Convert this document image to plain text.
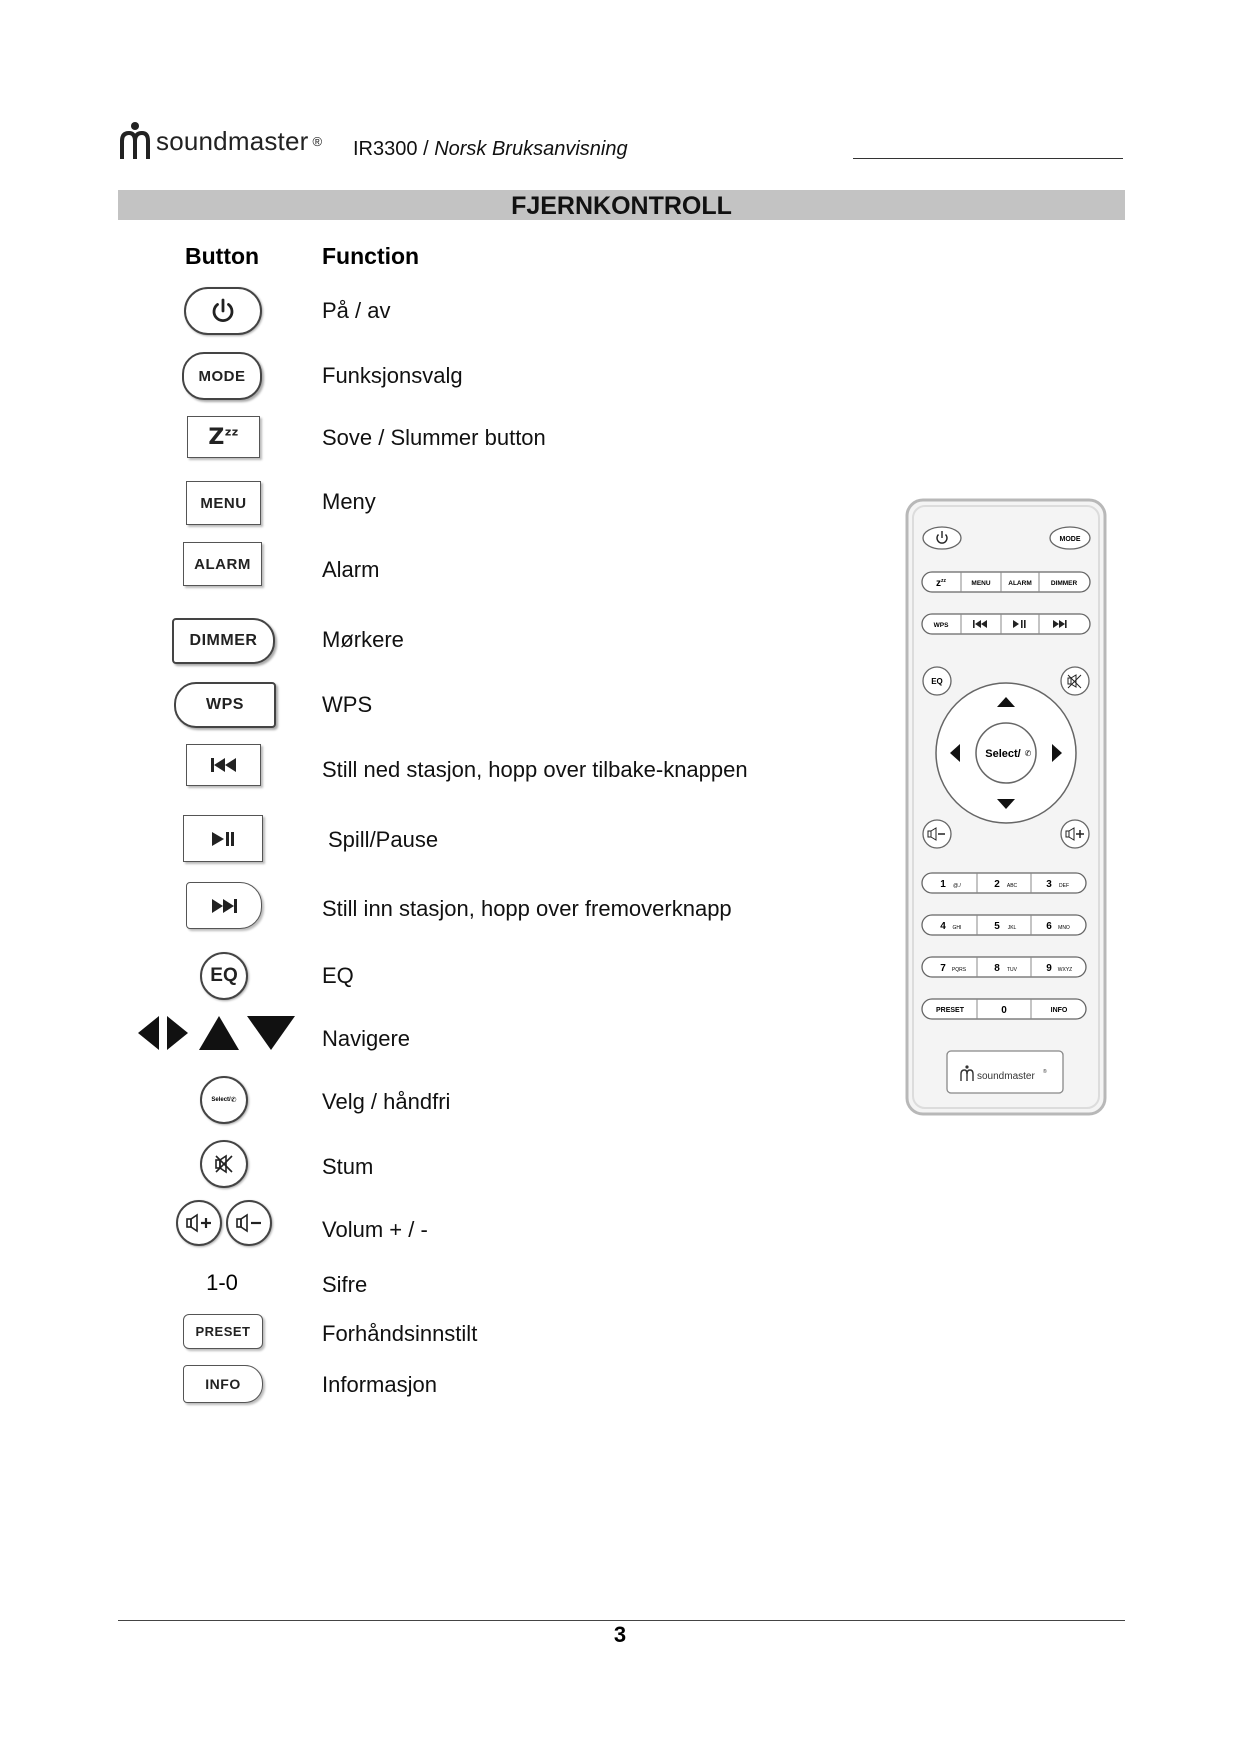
soundmaster ® IR3300 / Norsk Bruksanvisning
FJERNKONTROLL
Button	Function
På / av
MODE	Funksjonsvalg
$Z^{zz}$	Sove / Slummer button
MENU	Meny
ALARM	Alarm
DIMMER	Mørkere
WPS	WPS
Still ned stasjon, hopp over tilbake-knappen
Spill/Pause
Still inn stasjon, hopp over fremoverknapp
EQ	EQ
Navigere
Select/ ✆	Velg / håndfri
Stum
Volum + / -
1-0	Sifre
PRESET	Forhåndsinnstilt
INFO	Informasjon
MODE
$z^{zz}$	MENU	ALARM	DIMMER
WPS
EQ
Select/ ✆
1 @./	2 ABC	3 DEF
4 GHI	5 JKL	6 MNO
7 PQRS	8 TUV	9 WXYZ
PRESET	0	INFO
soundmaster ®
3
